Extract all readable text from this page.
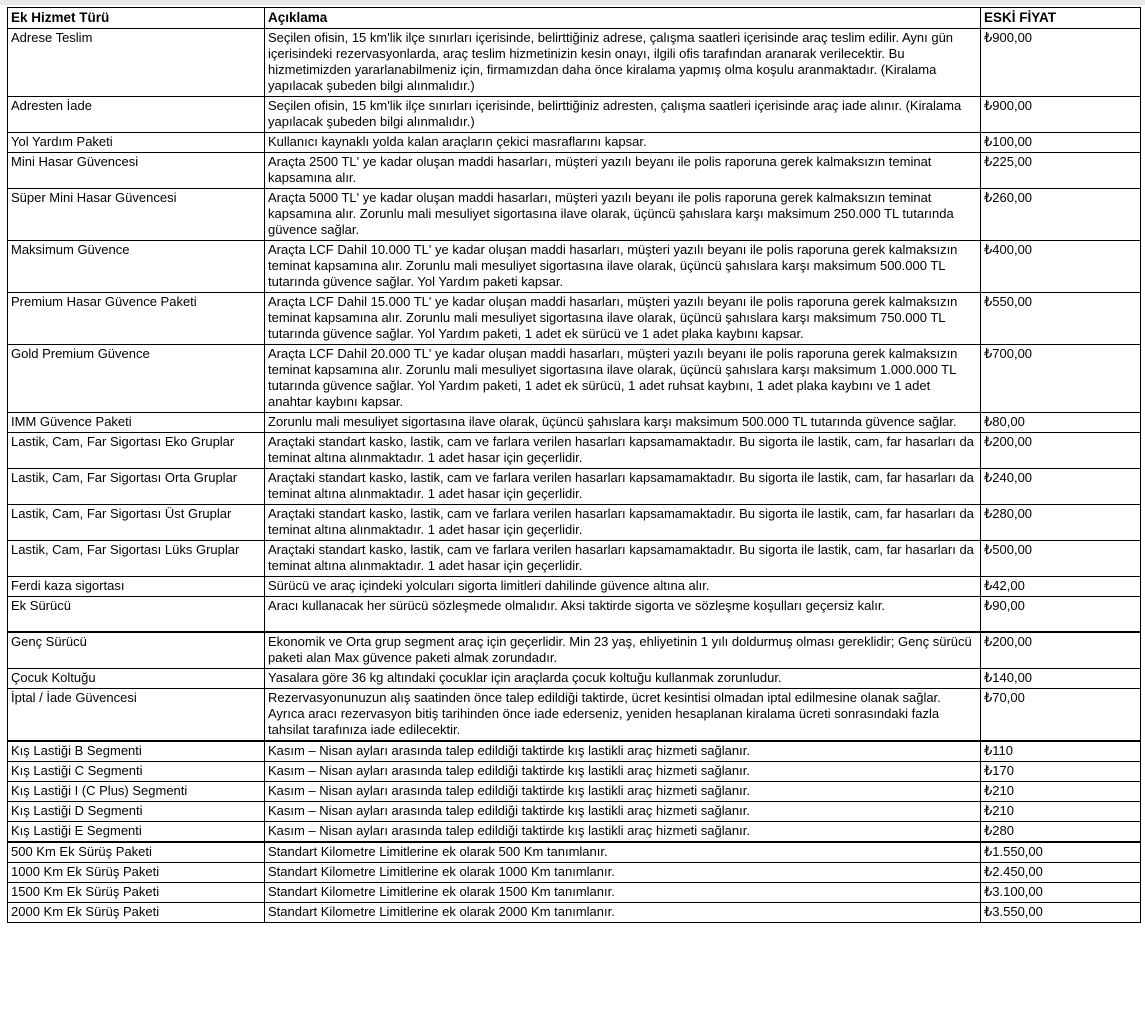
Ek Hizmet Türü	Açıklama	ESKİ FİYAT
Adrese Teslim	Seçilen ofisin, 15 km'lik ilçe sınırları içerisinde, belirttiğiniz adrese, çalışma saatleri içerisinde araç teslim edilir. Aynı gün içerisindeki rezervasyonlarda, araç teslim hizmetinizin kesin onayı, ilgili ofis tarafından aranarak verilecektir. Bu hizmetimizden yararlanabilmeniz için, firmamızdan daha önce kiralama yapmış olma koşulu aranmaktadır. (Kiralama yapılacak şubeden bilgi alınmalıdır.)	₺900,00
Adresten İade	Seçilen ofisin, 15 km'lik ilçe sınırları içerisinde, belirttiğiniz adresten, çalışma saatleri içerisinde araç iade alınır. (Kiralama yapılacak şubeden bilgi alınmalıdır.)	₺900,00
Yol Yardım Paketi	Kullanıcı kaynaklı yolda kalan araçların çekici masraflarını kapsar.	₺100,00
Mini Hasar Güvencesi	Araçta 2500 TL' ye kadar oluşan maddi hasarları, müşteri yazılı beyanı ile polis raporuna gerek kalmaksızın teminat kapsamına alır.	₺225,00
Süper Mini Hasar Güvencesi	Araçta 5000 TL' ye kadar oluşan maddi hasarları, müşteri yazılı beyanı ile polis raporuna gerek kalmaksızın teminat kapsamına alır. Zorunlu mali mesuliyet sigortasına ilave olarak, üçüncü şahıslara karşı maksimum 250.000 TL tutarında güvence sağlar.	₺260,00
Maksimum Güvence	Araçta LCF Dahil 10.000 TL' ye kadar oluşan maddi hasarları, müşteri yazılı beyanı ile polis raporuna gerek kalmaksızın teminat kapsamına alır. Zorunlu mali mesuliyet sigortasına ilave olarak, üçüncü şahıslara karşı maksimum 500.000 TL tutarında güvence sağlar. Yol Yardım paketi kapsar.	₺400,00
Premium Hasar Güvence Paketi	Araçta LCF Dahil 15.000 TL' ye kadar oluşan maddi hasarları, müşteri yazılı beyanı ile polis raporuna gerek kalmaksızın teminat kapsamına alır. Zorunlu mali mesuliyet sigortasına ilave olarak, üçüncü şahıslara karşı maksimum 750.000 TL tutarında güvence sağlar. Yol Yardım paketi, 1 adet ek sürücü ve 1 adet plaka kaybını kapsar.	₺550,00
Gold Premium Güvence	Araçta LCF Dahil 20.000 TL' ye kadar oluşan maddi hasarları, müşteri yazılı beyanı ile polis raporuna gerek kalmaksızın teminat kapsamına alır. Zorunlu mali mesuliyet sigortasına ilave olarak, üçüncü şahıslara karşı maksimum 1.000.000 TL tutarında güvence sağlar. Yol Yardım paketi, 1 adet ek sürücü, 1 adet ruhsat kaybını, 1 adet plaka kaybını ve 1 adet anahtar kaybını kapsar.	₺700,00
IMM Güvence Paketi	Zorunlu mali mesuliyet sigortasına ilave olarak, üçüncü şahıslara karşı maksimum 500.000 TL tutarında güvence sağlar.	₺80,00
Lastik, Cam, Far Sigortası Eko Gruplar	Araçtaki standart kasko, lastik, cam ve farlara verilen hasarları kapsamamaktadır. Bu sigorta ile lastik, cam, far hasarları da teminat altına alınmaktadır. 1 adet hasar için geçerlidir.	₺200,00
Lastik, Cam, Far Sigortası Orta Gruplar	Araçtaki standart kasko, lastik, cam ve farlara verilen hasarları kapsamamaktadır. Bu sigorta ile lastik, cam, far hasarları da teminat altına alınmaktadır. 1 adet hasar için geçerlidir.	₺240,00
Lastik, Cam, Far Sigortası Üst Gruplar	Araçtaki standart kasko, lastik, cam ve farlara verilen hasarları kapsamamaktadır. Bu sigorta ile lastik, cam, far hasarları da teminat altına alınmaktadır. 1 adet hasar için geçerlidir.	₺280,00
Lastik, Cam, Far Sigortası Lüks Gruplar	Araçtaki standart kasko, lastik, cam ve farlara verilen hasarları kapsamamaktadır. Bu sigorta ile lastik, cam, far hasarları da teminat altına alınmaktadır. 1 adet hasar için geçerlidir.	₺500,00
Ferdi kaza sigortası	Sürücü ve araç içindeki yolcuları sigorta limitleri dahilinde güvence altına alır.	₺42,00
Ek Sürücü	Aracı kullanacak her sürücü sözleşmede olmalıdır. Aksi taktirde sigorta ve sözleşme koşulları geçersiz kalır.	₺90,00
Genç Sürücü	Ekonomik ve Orta grup segment araç için geçerlidir. Min 23 yaş, ehliyetinin 1 yılı doldurmuş olması gereklidir; Genç sürücü paketi alan Max güvence paketi almak zorundadır.	₺200,00
Çocuk Koltuğu	Yasalara göre 36 kg altındaki çocuklar için araçlarda çocuk koltuğu kullanmak zorunludur.	₺140,00
İptal / İade Güvencesi	Rezervasyonunuzun alış saatinden önce talep edildiği taktirde, ücret kesintisi olmadan iptal edilmesine olanak sağlar. Ayrıca aracı rezervasyon bitiş tarihinden önce iade ederseniz, yeniden hesaplanan kiralama ücreti sonrasındaki fazla tahsilat tarafınıza iade edilecektir.	₺70,00
Kış Lastiği B Segmenti	Kasım – Nisan ayları arasında talep edildiği taktirde kış lastikli araç hizmeti sağlanır.	₺110
Kış Lastiği C Segmenti	Kasım – Nisan ayları arasında talep edildiği taktirde kış lastikli araç hizmeti sağlanır.	₺170
Kış Lastiği I (C Plus) Segmenti	Kasım – Nisan ayları arasında talep edildiği taktirde kış lastikli araç hizmeti sağlanır.	₺210
Kış Lastiği D Segmenti	Kasım – Nisan ayları arasında talep edildiği taktirde kış lastikli araç hizmeti sağlanır.	₺210
Kış Lastiği E Segmenti	Kasım – Nisan ayları arasında talep edildiği taktirde kış lastikli araç hizmeti sağlanır.	₺280
500 Km Ek Sürüş Paketi	Standart Kilometre Limitlerine ek olarak 500 Km tanımlanır.	₺1.550,00
1000 Km Ek Sürüş Paketi	Standart Kilometre Limitlerine ek olarak 1000 Km tanımlanır.	₺2.450,00
1500 Km Ek Sürüş Paketi	Standart Kilometre Limitlerine ek olarak 1500 Km tanımlanır.	₺3.100,00
2000 Km Ek Sürüş Paketi	Standart Kilometre Limitlerine ek olarak 2000 Km tanımlanır.	₺3.550,00
